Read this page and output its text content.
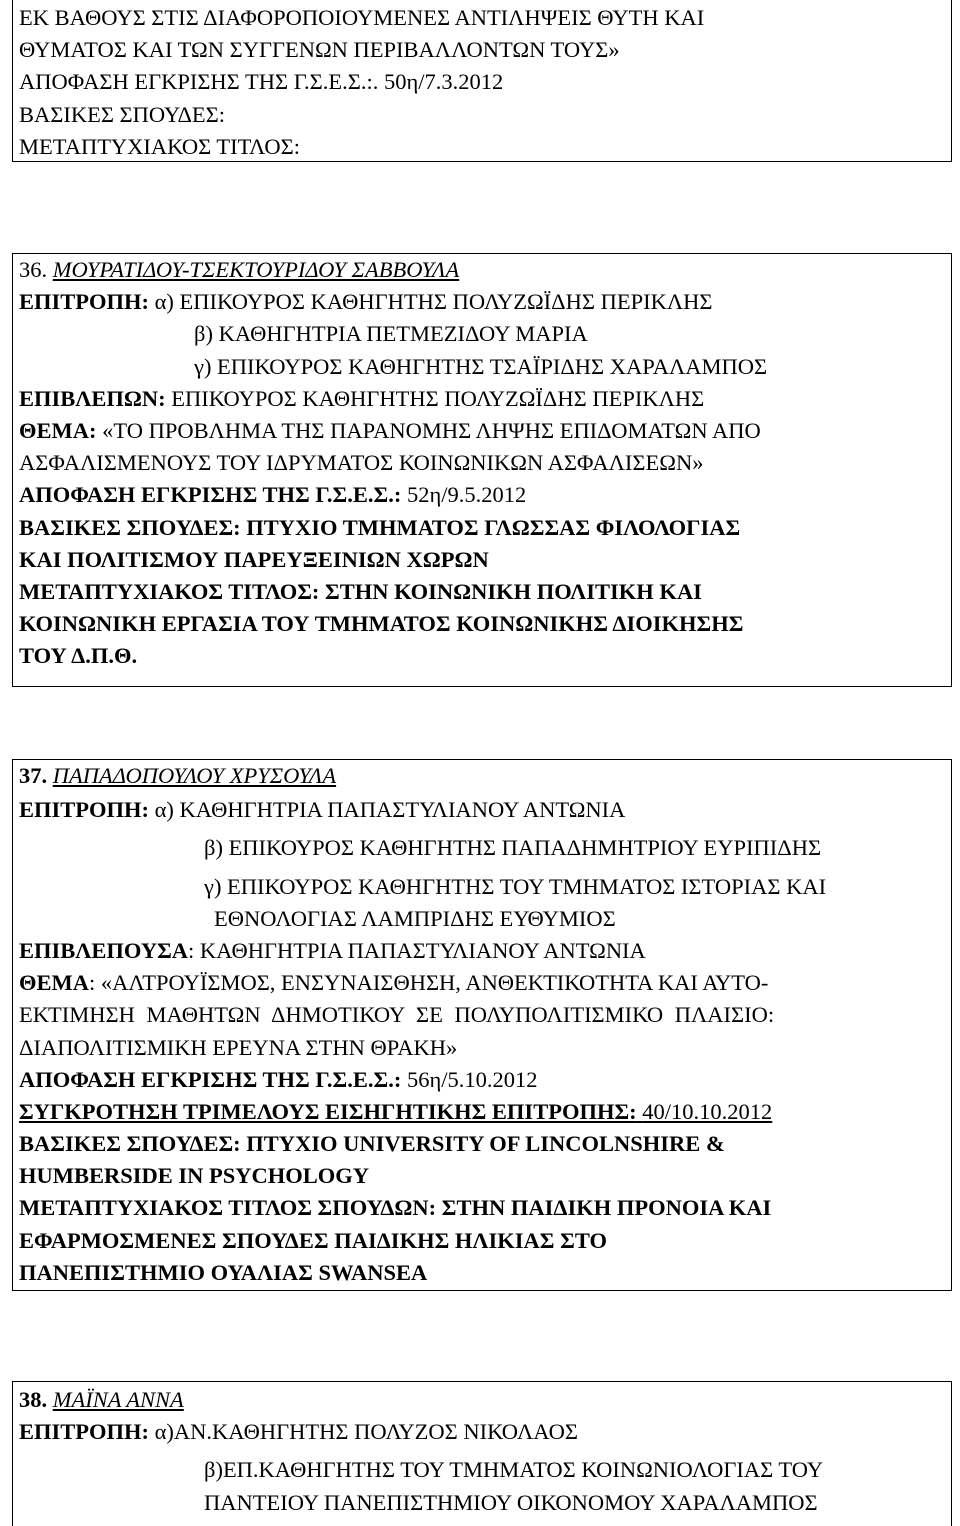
ΕΚ ΒΑΘΟΥΣ ΣΤΙΣ ΔΙΑΦΟΡΟΠΟΙΟΥΜΕΝΕΣ ΑΝΤΙΛΗΨΕΙΣ ΘΥΤΗ ΚΑΙ
ΘΥΜΑΤΟΣ ΚΑΙ ΤΩΝ ΣΥΓΓΕΝΩΝ ΠΕΡΙΒΑΛΛΟΝΤΩΝ ΤΟΥΣ»
ΑΠΟΦΑΣΗ ΕΓΚΡΙΣΗΣ ΤΗΣ Γ.Σ.Ε.Σ.:. 50η/7.3.2012
ΒΑΣΙΚΕΣ ΣΠΟΥΔΕΣ:
ΜΕΤΑΠΤΥΧΙΑΚΟΣ ΤΙΤΛΟΣ:
36. ΜΟΥΡΑΤΙΔΟΥ-ΤΣΕΚΤΟΥΡΙΔΟΥ ΣΑΒΒΟΥΛΑ
ΕΠΙΤΡΟΠΗ: α) ΕΠΙΚΟΥΡΟΣ ΚΑΘΗΓΗΤΗΣ ΠΟΛΥΖΩΪΔΗΣ ΠΕΡΙΚΛΗΣ
β) ΚΑΘΗΓΗΤΡΙΑ ΠΕΤΜΕΖΙΔΟΥ ΜΑΡΙΑ
γ) ΕΠΙΚΟΥΡΟΣ ΚΑΘΗΓΗΤΗΣ ΤΣΑΪΡΙΔΗΣ ΧΑΡΑΛΑΜΠΟΣ
ΕΠΙΒΛΕΠΩΝ: ΕΠΙΚΟΥΡΟΣ ΚΑΘΗΓΗΤΗΣ ΠΟΛΥΖΩΪΔΗΣ ΠΕΡΙΚΛΗΣ
ΘΕΜΑ: «ΤΟ ΠΡΟΒΛΗΜΑ ΤΗΣ ΠΑΡΑΝΟΜΗΣ ΛΗΨΗΣ ΕΠΙΔΟΜΑΤΩΝ ΑΠΟ
ΑΣΦΑΛΙΣΜΕΝΟΥΣ ΤΟΥ ΙΔΡΥΜΑΤΟΣ ΚΟΙΝΩΝΙΚΩΝ ΑΣΦΑΛΙΣΕΩΝ»
ΑΠΟΦΑΣΗ ΕΓΚΡΙΣΗΣ ΤΗΣ Γ.Σ.Ε.Σ.: 52η/9.5.2012
ΒΑΣΙΚΕΣ ΣΠΟΥΔΕΣ: ΠΤΥΧΙΟ ΤΜΗΜΑΤΟΣ ΓΛΩΣΣΑΣ ΦΙΛΟΛΟΓΙΑΣ
ΚΑΙ ΠΟΛΙΤΙΣΜΟΥ ΠΑΡΕΥΞΕΙΝΙΩΝ ΧΩΡΩΝ
ΜΕΤΑΠΤΥΧΙΑΚΟΣ ΤΙΤΛΟΣ: ΣΤΗΝ ΚΟΙΝΩΝΙΚΗ ΠΟΛΙΤΙΚΗ ΚΑΙ
ΚΟΙΝΩΝΙΚΗ ΕΡΓΑΣΙΑ ΤΟΥ ΤΜΗΜΑΤΟΣ ΚΟΙΝΩΝΙΚΗΣ ΔΙΟΙΚΗΣΗΣ
ΤΟΥ Δ.Π.Θ.
37. ΠΑΠΑΔΟΠΟΥΛΟΥ ΧΡΥΣΟΥΛΑ
ΕΠΙΤΡΟΠΗ: α) ΚΑΘΗΓΗΤΡΙΑ ΠΑΠΑΣΤΥΛΙΑΝΟΥ ΑΝΤΩΝΙΑ
β) ΕΠΙΚΟΥΡΟΣ ΚΑΘΗΓΗΤΗΣ ΠΑΠΑΔΗΜΗΤΡΙΟΥ ΕΥΡΙΠΙΔΗΣ
γ) ΕΠΙΚΟΥΡΟΣ ΚΑΘΗΓΗΤΗΣ ΤΟΥ ΤΜΗΜΑΤΟΣ ΙΣΤΟΡΙΑΣ ΚΑΙ
ΕΘΝΟΛΟΓΙΑΣ ΛΑΜΠΡΙΔΗΣ ΕΥΘΥΜΙΟΣ
ΕΠΙΒΛΕΠΟΥΣΑ: ΚΑΘΗΓΗΤΡΙΑ ΠΑΠΑΣΤΥΛΙΑΝΟΥ ΑΝΤΩΝΙΑ
ΘΕΜΑ: «ΑΛΤΡΟΥΪΣΜΟΣ, ΕΝΣΥΝΑΙΣΘΗΣΗ, ΑΝΘΕΚΤΙΚΟΤΗΤΑ ΚΑΙ ΑΥΤΟ-
ΕΚΤΙΜΗΣΗ ΜΑΘΗΤΩΝ ΔΗΜΟΤΙΚΟΥ ΣΕ ΠΟΛΥΠΟΛΙΤΙΣΜΙΚΟ ΠΛΑΙΣΙΟ:
ΔΙΑΠΟΛΙΤΙΣΜΙΚΗ ΕΡΕΥΝΑ ΣΤΗΝ ΘΡΑΚΗ»
ΑΠΟΦΑΣΗ ΕΓΚΡΙΣΗΣ ΤΗΣ Γ.Σ.Ε.Σ.: 56η/5.10.2012
ΣΥΓΚΡΟΤΗΣΗ ΤΡΙΜΕΛΟΥΣ ΕΙΣΗΓΗΤΙΚΗΣ ΕΠΙΤΡΟΠΗΣ: 40/10.10.2012
ΒΑΣΙΚΕΣ ΣΠΟΥΔΕΣ: ΠΤΥΧΙΟ UNIVERSITY OF LINCOLNSHIRE &
HUMBERSIDE IN PSYCHOLOGY
ΜΕΤΑΠΤΥΧΙΑΚΟΣ ΤΙΤΛΟΣ ΣΠΟΥΔΩΝ: ΣΤΗΝ ΠΑΙΔΙΚΗ ΠΡΟΝΟΙΑ ΚΑΙ
ΕΦΑΡΜΟΣΜΕΝΕΣ ΣΠΟΥΔΕΣ ΠΑΙΔΙΚΗΣ ΗΛΙΚΙΑΣ ΣΤΟ
ΠΑΝΕΠΙΣΤΗΜΙΟ ΟΥΑΛΙΑΣ SWANSEA
38. ΜΑΪΝΑ ΑΝΝΑ
ΕΠΙΤΡΟΠΗ: α)ΑΝ.ΚΑΘΗΓΗΤΗΣ ΠΟΛΥΖΟΣ ΝΙΚΟΛΑΟΣ
β)ΕΠ.ΚΑΘΗΓΗΤΗΣ ΤΟΥ ΤΜΗΜΑΤΟΣ ΚΟΙΝΩΝΙΟΛΟΓΙΑΣ ΤΟΥ
ΠΑΝΤΕΙΟΥ ΠΑΝΕΠΙΣΤΗΜΙΟΥ ΟΙΚΟΝΟΜΟΥ ΧΑΡΑΛΑΜΠΟΣ
